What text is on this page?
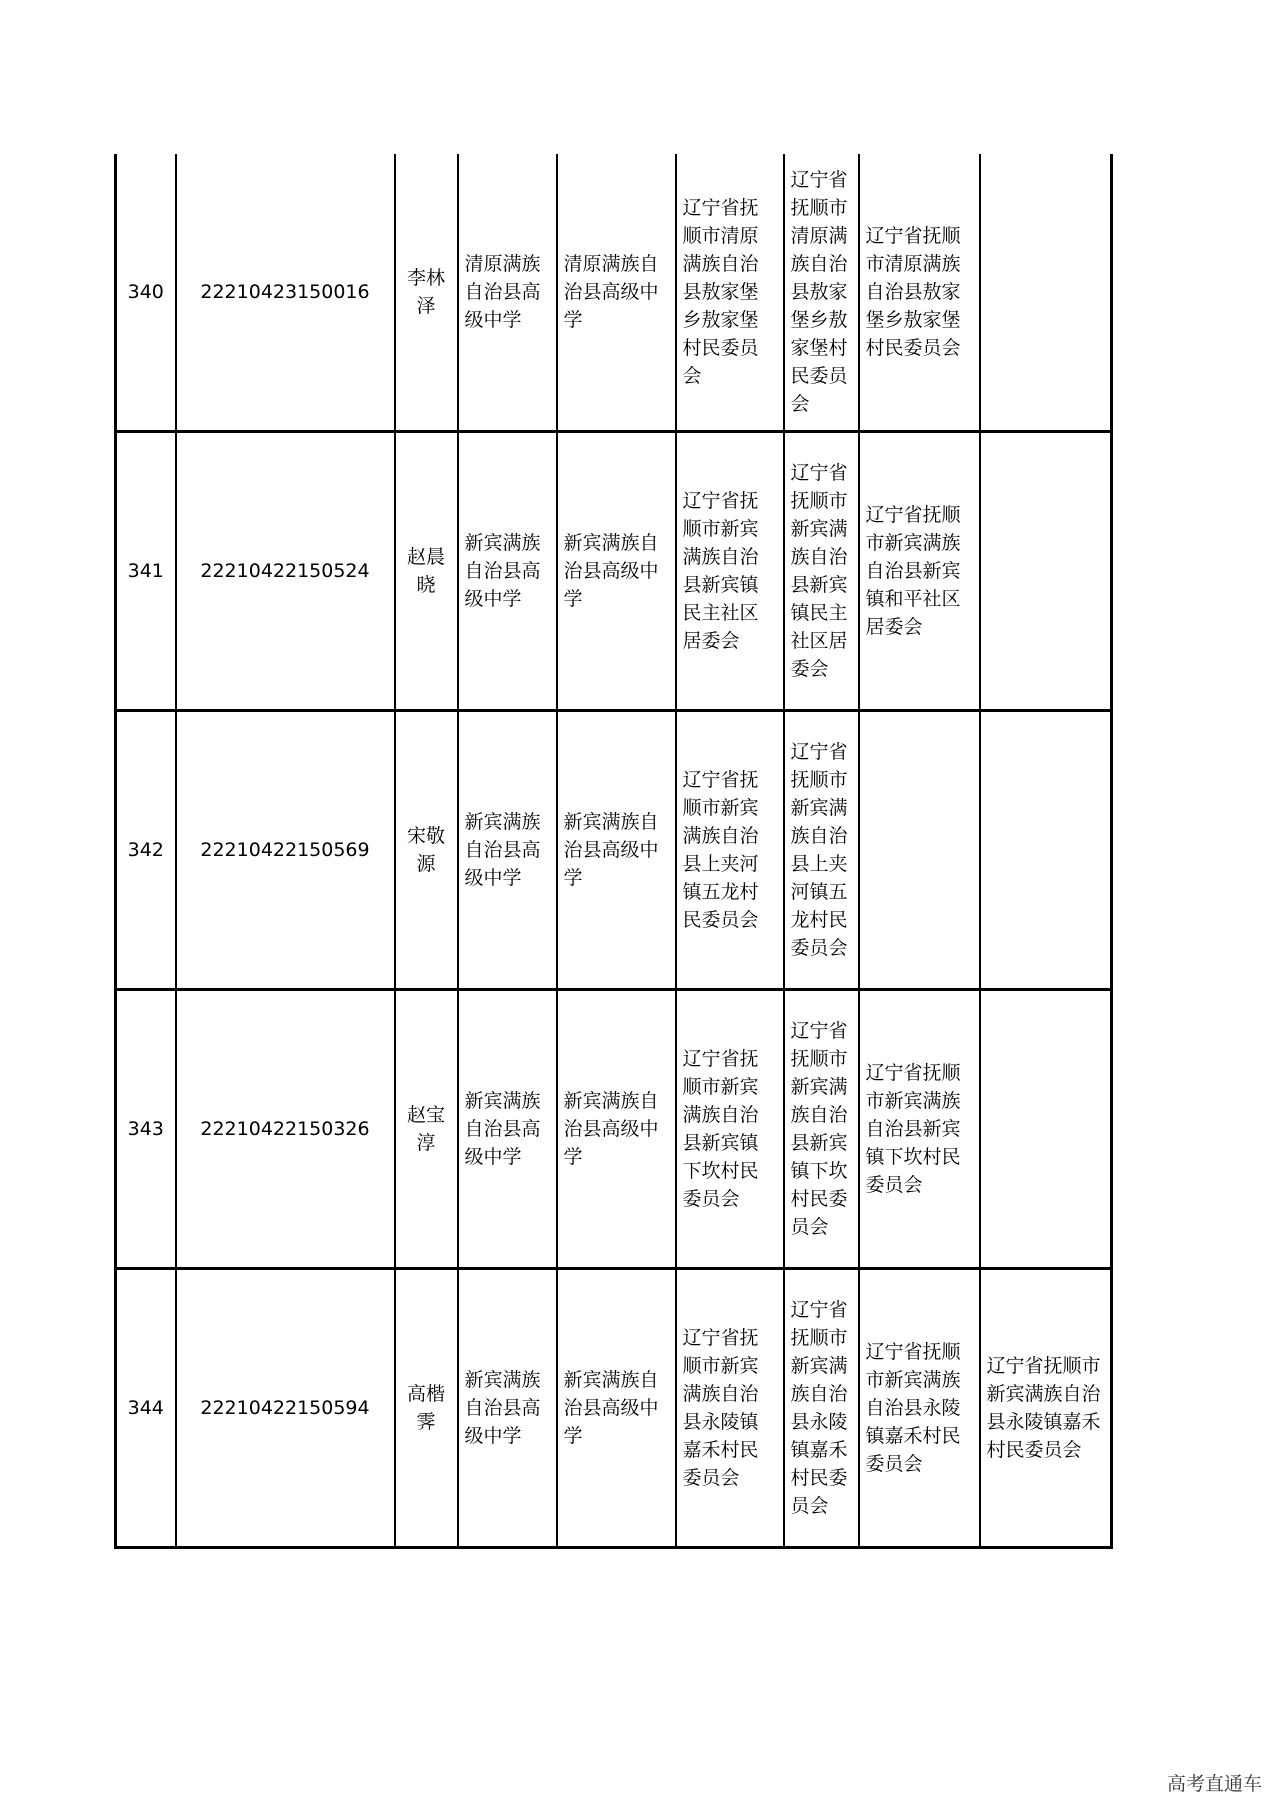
340	22210423150016	李林泽	清原满族自治县高级中学	清原满族自治县高级中学	辽宁省抚顺市清原满族自治县敖家堡乡敖家堡村民委员会	辽宁省抚顺市清原满族自治县敖家堡乡敖家堡村民委员会	辽宁省抚顺市清原满族自治县敖家堡乡敖家堡村民委员会	
341	22210422150524	赵晨晓	新宾满族自治县高级中学	新宾满族自治县高级中学	辽宁省抚顺市新宾满族自治县新宾镇民主社区居委会	辽宁省抚顺市新宾满族自治县新宾镇民主社区居委会	辽宁省抚顺市新宾满族自治县新宾镇和平社区居委会	
342	22210422150569	宋敬源	新宾满族自治县高级中学	新宾满族自治县高级中学	辽宁省抚顺市新宾满族自治县上夹河镇五龙村民委员会	辽宁省抚顺市新宾满族自治县上夹河镇五龙村民委员会		
343	22210422150326	赵宝淳	新宾满族自治县高级中学	新宾满族自治县高级中学	辽宁省抚顺市新宾满族自治县新宾镇下坎村民委员会	辽宁省抚顺市新宾满族自治县新宾镇下坎村民委员会	辽宁省抚顺市新宾满族自治县新宾镇下坎村民委员会	
344	22210422150594	高楷霁	新宾满族自治县高级中学	新宾满族自治县高级中学	辽宁省抚顺市新宾满族自治县永陵镇嘉禾村民委员会	辽宁省抚顺市新宾满族自治县永陵镇嘉禾村民委员会	辽宁省抚顺市新宾满族自治县永陵镇嘉禾村民委员会	辽宁省抚顺市新宾满族自治县永陵镇嘉禾村民委员会
高考直通车
